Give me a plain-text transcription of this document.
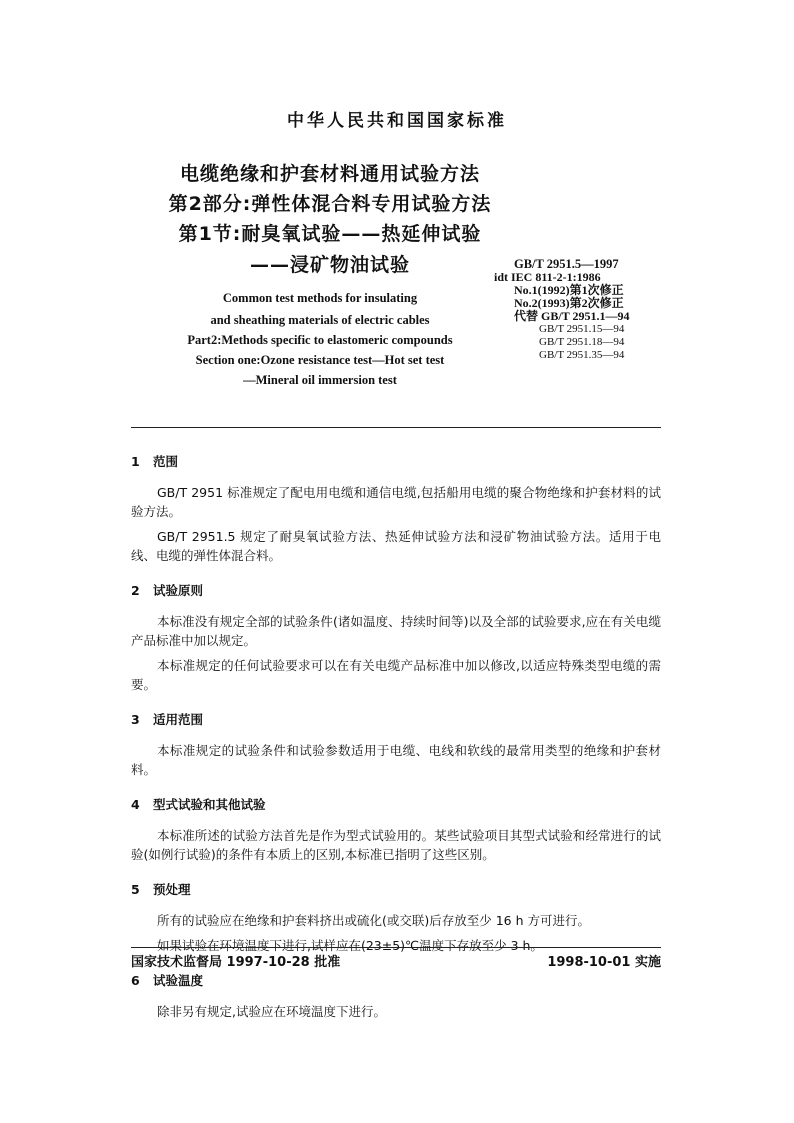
中华人民共和国国家标准
电缆绝缘和护套材料通用试验方法
第2部分:弹性体混合料专用试验方法
第1节:耐臭氧试验——热延伸试验
——浸矿物油试验	GB/T 2951.5—1997
idt IEC 811-2-1:1986
No.1(1992)第1次修正
No.2(1993)第2次修正
代替 GB/T 2951.1—94
GB/T 2951.15—94
GB/T 2951.18—94
GB/T 2951.35—94
Common test methods for insulating
and sheathing materials of electric cables
Part2:Methods specific to elastomeric compounds
Section one:Ozone resistance test—Hot set test
—Mineral oil immersion test
1 范围
GB/T 2951 标准规定了配电用电缆和通信电缆,包括船用电缆的聚合物绝缘和护套材料的试验方法。
GB/T 2951.5 规定了耐臭氧试验方法、热延伸试验方法和浸矿物油试验方法。适用于电线、电缆的弹性体混合料。
2 试验原则
本标准没有规定全部的试验条件(诸如温度、持续时间等)以及全部的试验要求,应在有关电缆产品标准中加以规定。
本标准规定的任何试验要求可以在有关电缆产品标准中加以修改,以适应特殊类型电缆的需要。
3 适用范围
本标准规定的试验条件和试验参数适用于电缆、电线和软线的最常用类型的绝缘和护套材料。
4 型式试验和其他试验
本标准所述的试验方法首先是作为型式试验用的。某些试验项目其型式试验和经常进行的试验(如例行试验)的条件有本质上的区别,本标准已指明了这些区别。
5 预处理
所有的试验应在绝缘和护套料挤出或硫化(或交联)后存放至少 16 h 方可进行。
如果试验在环境温度下进行,试样应在(23±5)℃温度下存放至少 3 h。
6 试验温度
除非另有规定,试验应在环境温度下进行。
国家技术监督局 1997-10-28 批准	1998-10-01 实施
